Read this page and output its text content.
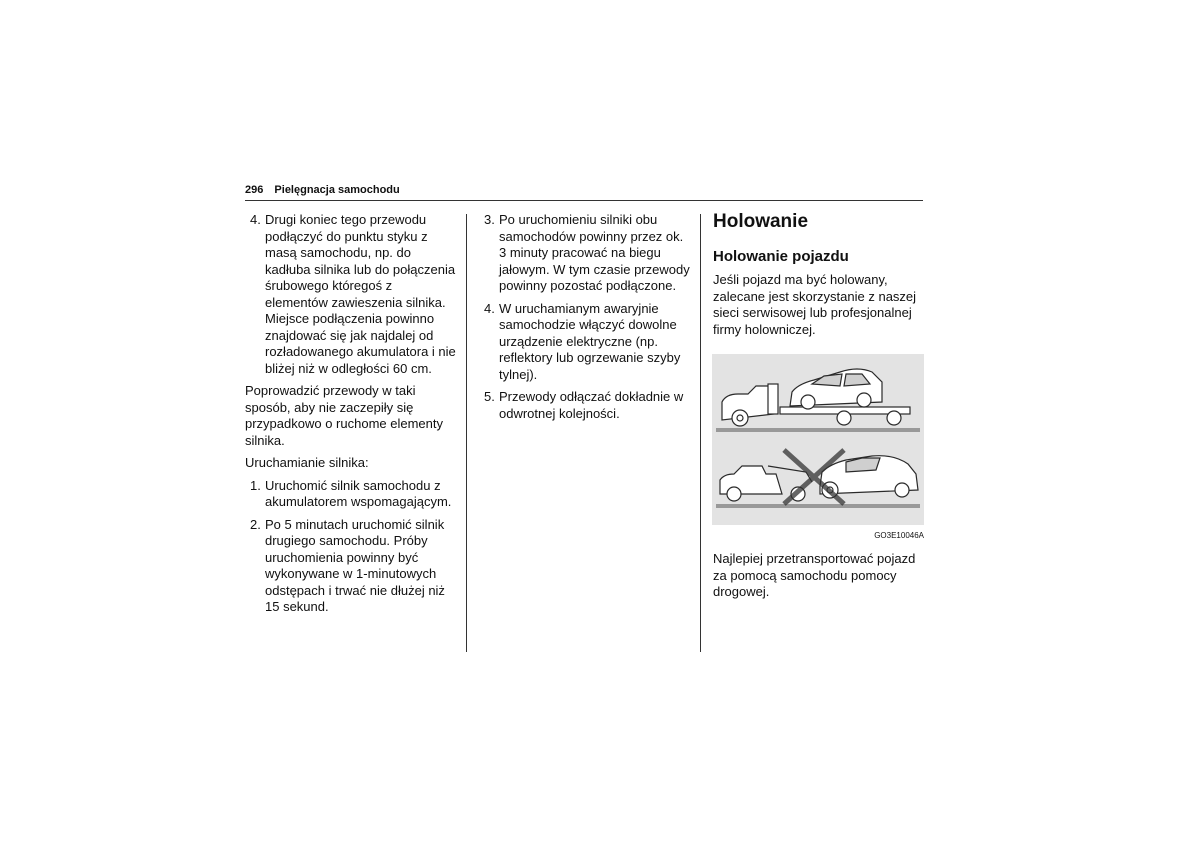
296 Pielęgnacja samochodu
4. Drugi koniec tego przewodu podłączyć do punktu styku z masą samochodu, np. do kadłuba silnika lub do połączenia śrubowego któregoś z elementów zawieszenia silnika. Miejsce podłączenia powinno znajdować się jak najdalej od rozładowanego akumulatora i nie bliżej niż w odległości 60 cm.

Poprowadzić przewody w taki sposób, aby nie zaczepiły się przypadkowo o ruchome elementy silnika.

Uruchamianie silnika:

1. Uruchomić silnik samochodu z akumulatorem wspomagającym.
2. Po 5 minutach uruchomić silnik drugiego samochodu. Próby uruchomienia powinny być wykonywane w 1-minutowych odstępach i trwać nie dłużej niż 15 sekund.
3. Po uruchomieniu silniki obu samochodów powinny przez ok. 3 minuty pracować na biegu jałowym. W tym czasie przewody powinny pozostać podłączone.
4. W uruchamianym awaryjnie samochodzie włączyć dowolne urządzenie elektryczne (np. reflektory lub ogrzewanie szyby tylnej).
5. Przewody odłączać dokładnie w odwrotnej kolejności.
Holowanie
Holowanie pojazdu
Jeśli pojazd ma być holowany, zalecane jest skorzystanie z naszej sieci serwisowej lub profesjonalnej firmy holowniczej.
GO3E10046A
Najlepiej przetransportować pojazd za pomocą samochodu pomocy drogowej.
